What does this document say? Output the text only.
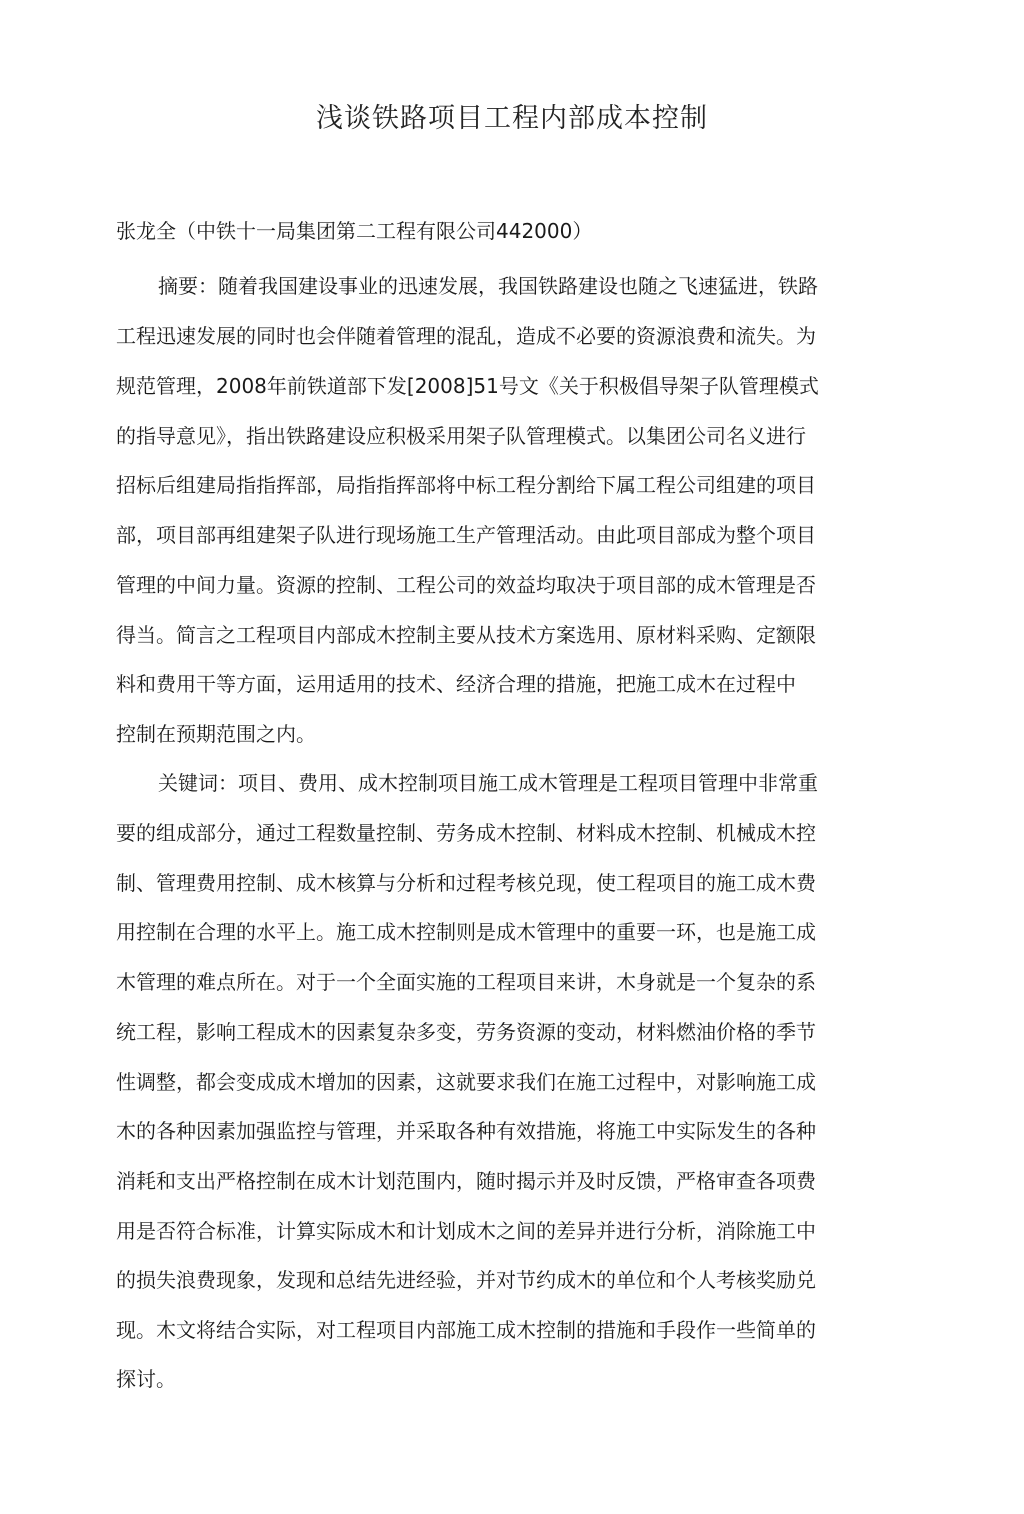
浅谈铁路项目工程内部成本控制
张龙全（中铁十一局集团第二工程有限公司442000）
摘要：随着我国建设事业的迅速发展，我国铁路建设也随之飞速猛进，铁路
工程迅速发展的同时也会伴随着管理的混乱，造成不必要的资源浪费和流失。为
规范管理，2008年前铁道部下发[2008]51号文《关于积极倡导架子队管理模式
的指导意见》，指出铁路建设应积极采用架子队管理模式。以集团公司名义进行
招标后组建局指指挥部，局指指挥部将中标工程分割给下属工程公司组建的项目
部，项目部再组建架子队进行现场施工生产管理活动。由此项目部成为整个项目
管理的中间力量。资源的控制、工程公司的效益均取决于项目部的成木管理是否
得当。简言之工程项目内部成木控制主要从技术方案选用、原材料采购、定额限
料和费用干等方面，运用适用的技术、经济合理的措施，把施工成木在过程中
控制在预期范围之内。
关键词：项目、费用、成木控制项目施工成木管理是工程项目管理中非常重
要的组成部分，通过工程数量控制、劳务成木控制、材料成木控制、机械成木控
制、管理费用控制、成木核算与分析和过程考核兑现，使工程项目的施工成木费
用控制在合理的水平上。施工成木控制则是成木管理中的重要一环，也是施工成
木管理的难点所在。对于一个全面实施的工程项目来讲，木身就是一个复杂的系
统工程，影响工程成木的因素复杂多变，劳务资源的变动，材料燃油价格的季节
性调整，都会变成成木增加的因素，这就要求我们在施工过程中，对影响施工成
木的各种因素加强监控与管理，并采取各种有效措施，将施工中实际发生的各种
消耗和支出严格控制在成木计划范围内，随时揭示并及时反馈，严格审查各项费
用是否符合标准，计算实际成木和计划成木之间的差异并进行分析，消除施工中
的损失浪费现象，发现和总结先进经验，并对节约成木的单位和个人考核奖励兑
现。木文将结合实际，对工程项目内部施工成木控制的措施和手段作一些简单的
探讨。
